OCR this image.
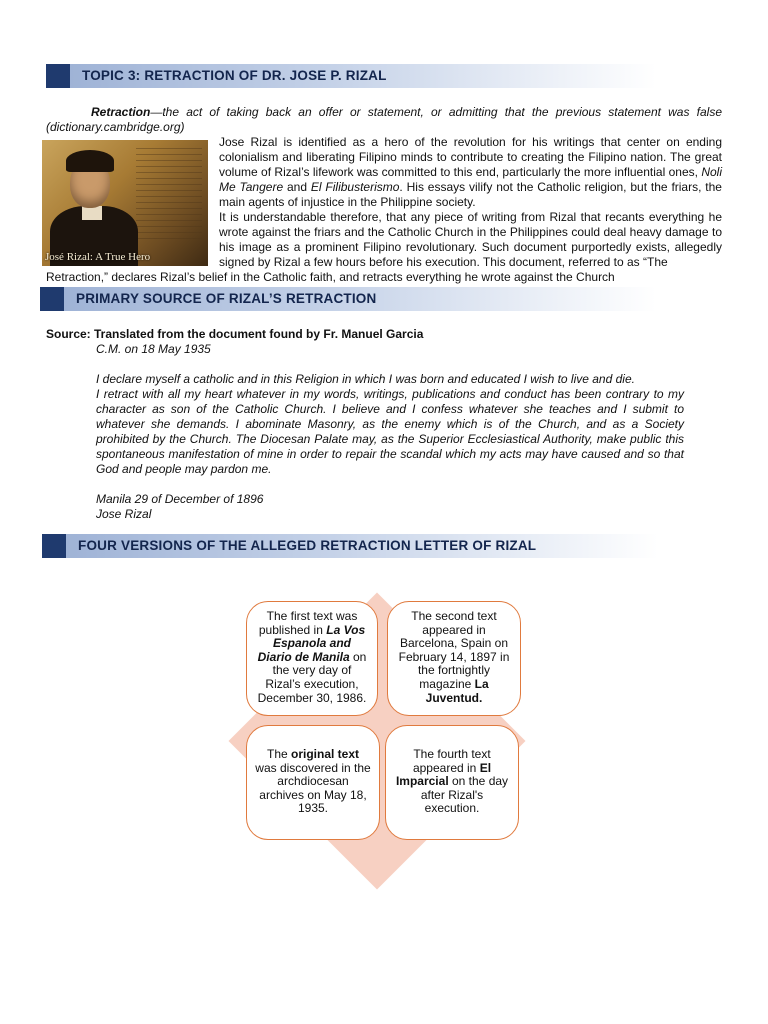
TOPIC 3: RETRACTION OF DR. JOSE P. RIZAL
Retraction—the act of taking back an offer or statement, or admitting that the previous statement was false (dictionary.cambridge.org)
José Rizal: A True Hero
Jose Rizal is identified as a hero of the revolution for his writings that center on ending colonialism and liberating Filipino minds to contribute to creating the Filipino nation. The great volume of Rizal’s lifework was committed to this end, particularly the more influential ones, Noli Me Tangere and El Filibusterismo. His essays vilify not the Catholic religion, but the friars, the main agents of injustice in the Philippine society.
It is understandable therefore, that any piece of writing from Rizal that recants everything he wrote against the friars and the Catholic Church in the Philippines could deal heavy damage to his image as a prominent Filipino revolutionary. Such document purportedly exists, allegedly signed by Rizal a few hours before his execution. This document, referred to as “The
Retraction,” declares Rizal’s belief in the Catholic faith, and retracts everything he wrote against the Church
PRIMARY SOURCE OF RIZAL’S RETRACTION
Source: Translated from the document found by Fr. Manuel Garcia
C.M. on 18 May 1935
I declare myself a catholic and in this Religion in which I was born and educated I wish to live and die.
I retract with all my heart whatever in my words, writings, publications and conduct has been contrary to my character as son of the Catholic Church. I believe and I confess whatever she teaches and I submit to whatever she demands. I abominate Masonry, as the enemy which is of the Church, and as a Society prohibited by the Church. The Diocesan Palate may, as the Superior Ecclesiastical Authority, make public this spontaneous manifestation of mine in order to repair the scandal which my acts may have caused and so that God and people may pardon me.
Manila 29 of December of 1896
Jose Rizal
FOUR VERSIONS OF THE ALLEGED RETRACTION LETTER OF RIZAL
The first text was published in La Vos Espanola and Diario de Manila on the very day of Rizal’s execution, December 30, 1986.
The second text appeared in Barcelona, Spain on February 14, 1897 in the fortnightly magazine La Juventud.
The original text was discovered in the archdiocesan archives on May 18, 1935.
The fourth text appeared in El Imparcial on the day after Rizal's execution.
